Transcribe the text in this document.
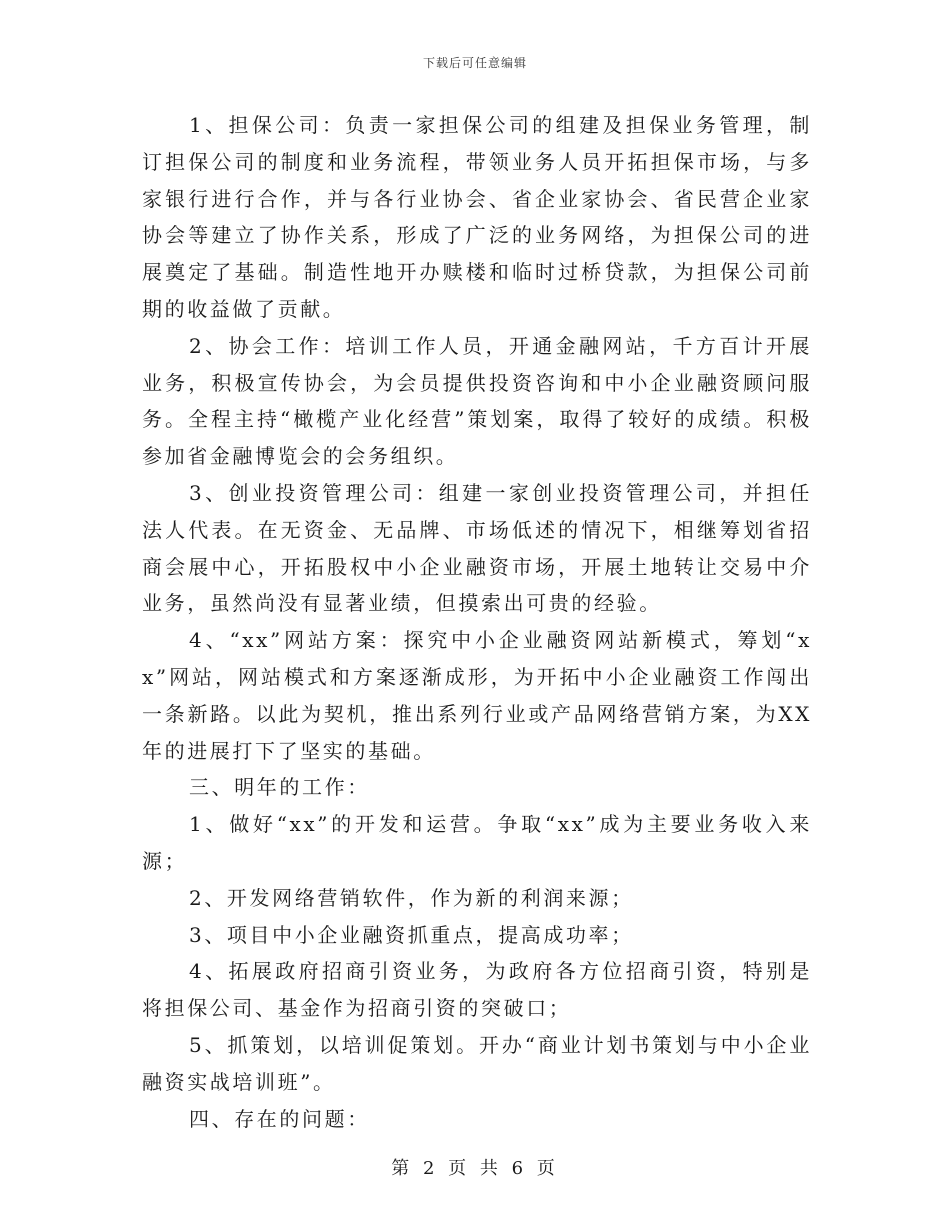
下载后可任意编辑

1、担保公司：负责一家担保公司的组建及担保业务管理，制订担保公司的制度和业务流程，带领业务人员开拓担保市场，与多家银行进行合作，并与各行业协会、省企业家协会、省民营企业家协会等建立了协作关系，形成了广泛的业务网络，为担保公司的进展奠定了基础。制造性地开办赎楼和临时过桥贷款，为担保公司前期的收益做了贡献。

2、协会工作：培训工作人员，开通金融网站，千方百计开展业务，积极宣传协会，为会员提供投资咨询和中小企业融资顾问服务。全程主持“橄榄产业化经营”策划案，取得了较好的成绩。积极参加省金融博览会的会务组织。

3、创业投资管理公司：组建一家创业投资管理公司，并担任法人代表。在无资金、无品牌、市场低述的情况下，相继筹划省招商会展中心，开拓股权中小企业融资市场，开展土地转让交易中介业务，虽然尚没有显著业绩，但摸索出可贵的经验。

4、“xx”网站方案：探究中小企业融资网站新模式，筹划“xx”网站，网站模式和方案逐渐成形，为开拓中小企业融资工作闯出一条新路。以此为契机，推出系列行业或产品网络营销方案，为XX年的进展打下了坚实的基础。

三、明年的工作：

1、做好“xx”的开发和运营。争取“xx”成为主要业务收入来源；

2、开发网络营销软件，作为新的利润来源；

3、项目中小企业融资抓重点，提高成功率；

4、拓展政府招商引资业务，为政府各方位招商引资，特别是将担保公司、基金作为招商引资的突破口；

5、抓策划，以培训促策划。开办“商业计划书策划与中小企业融资实战培训班”。

四、存在的问题：

第 2 页 共 6 页
